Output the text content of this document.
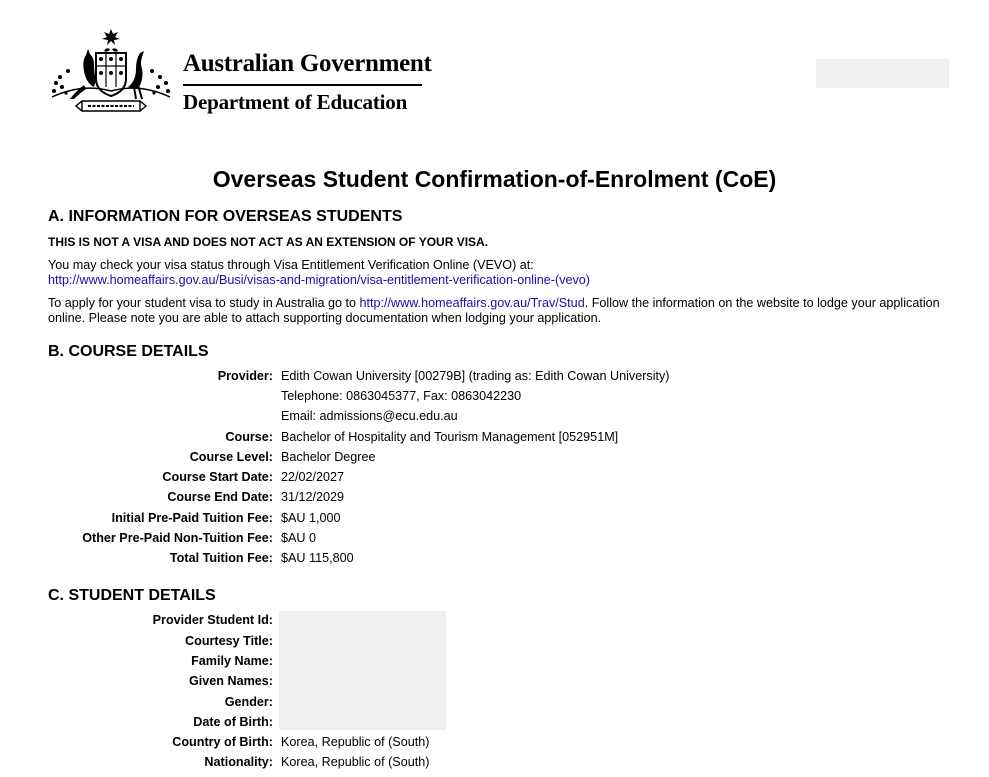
Australian Government
Department of Education
Overseas Student Confirmation-of-Enrolment (CoE)
A. INFORMATION FOR OVERSEAS STUDENTS
THIS IS NOT A VISA AND DOES NOT ACT AS AN EXTENSION OF YOUR VISA.
You may check your visa status through Visa Entitlement Verification Online (VEVO) at:
http://www.homeaffairs.gov.au/Busi/visas-and-migration/visa-entitlement-verification-online-(vevo)
To apply for your student visa to study in Australia go to http://www.homeaffairs.gov.au/Trav/Stud. Follow the information on the website to lodge your application online. Please note you are able to attach supporting documentation when lodging your application.
B. COURSE DETAILS
Provider: Edith Cowan University [00279B] (trading as: Edith Cowan University)
Telephone: 0863045377, Fax: 0863042230
Email: admissions@ecu.edu.au
Course: Bachelor of Hospitality and Tourism Management [052951M]
Course Level: Bachelor Degree
Course Start Date: 22/02/2027
Course End Date: 31/12/2029
Initial Pre-Paid Tuition Fee: $AU 1,000
Other Pre-Paid Non-Tuition Fee: $AU 0
Total Tuition Fee: $AU 115,800
C. STUDENT DETAILS
Provider Student Id:
Courtesy Title:
Family Name:
Given Names:
Gender:
Date of Birth:
Country of Birth: Korea, Republic of (South)
Nationality: Korea, Republic of (South)
